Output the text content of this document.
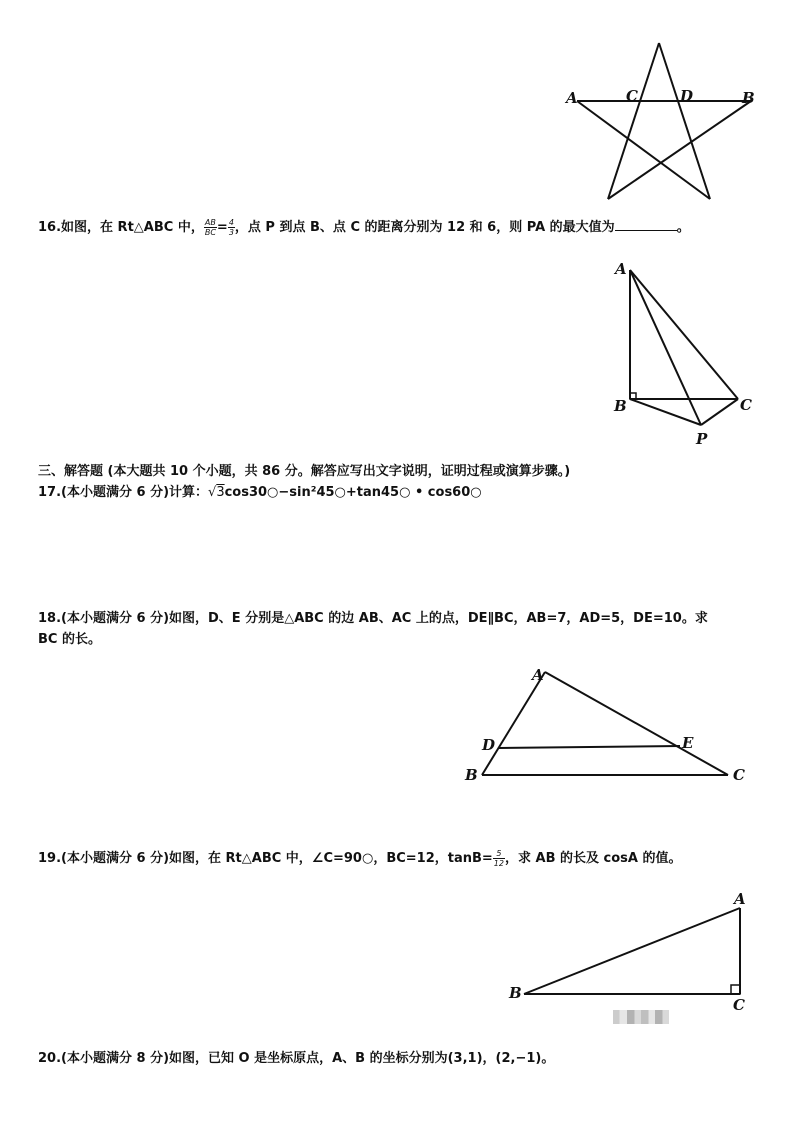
A	C	D	B
16.如图，在 Rt△ABC 中， $\frac{AB}{BC} = \frac{4}{3}$ ，点 P 到点 B、点 C 的距离分别为 12 和 6，则 PA 的最大值为	。
A
B	C
P
三、解答题 (本大题共 10 个小题，共 86 分。解答应写出文字说明，证明过程或演算步骤。)
17.(本小题满分 6 分)计算：√3cos30○−sin²45○+tan45○ • cos60○
18.(本小题满分 6 分)如图，D、E 分别是△ABC 的边 AB、AC 上的点，DE∥BC，AB=7，AD=5，DE=10。求
BC 的长。
A
D	E
B	C
19.(本小题满分 6 分)如图，在 Rt△ABC 中，∠C=90○，BC=12，$\tan B= \frac{5}{12}$ ，求 AB 的长及 cosA 的值。
A
B
C
20.(本小题满分 8 分)如图，已知 O 是坐标原点，A、B 的坐标分别为(3,1)，(2,−1)。
